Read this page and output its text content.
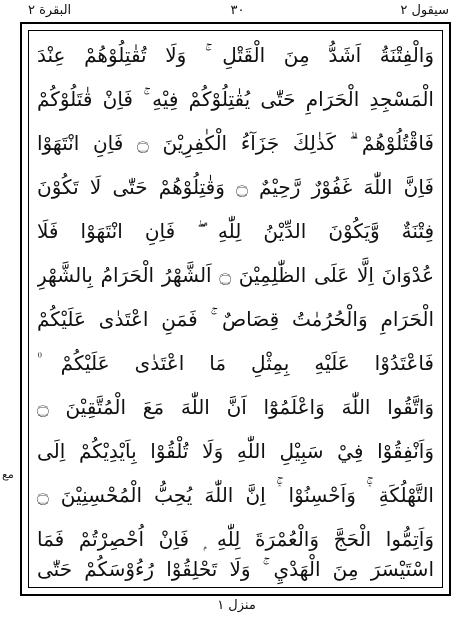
البقرة ٢	٣٠	سیقول ٢
مع
وَالْفِتْنَةُ اَشَدُّ مِنَ الْقَتْلِ ۚ وَلَا تُقٰتِلُوْهُمْ عِنْدَ
الْمَسْجِدِ الْحَرَامِ حَتّٰى يُقٰتِلُوْكُمْ فِيْهِ ۚ فَاِنْ قٰتَلُوْكُمْ
فَاقْتُلُوْهُمْ ۗ كَذٰلِكَ جَزَآءُ الْكٰفِرِيْنَ ۝ فَاِنِ انْتَهَوْا
فَاِنَّ اللّٰهَ غَفُوْرٌ رَّحِيْمٌ ۝ وَقٰتِلُوْهُمْ حَتّٰى لَا تَكُوْنَ
فِتْنَةٌ وَّيَكُوْنَ الدِّيْنُ لِلّٰهِ ۖ فَاِنِ انْتَهَوْا فَلَا
عُدْوَانَ اِلَّا عَلَى الظّٰلِمِيْنَ ۝ اَلشَّهْرُ الْحَرَامُ بِالشَّهْرِ
الْحَرَامِ وَالْحُرُمٰتُ قِصَاصٌ ۚ فَمَنِ اعْتَدٰى عَلَيْكُمْ
فَاعْتَدُوْا عَلَيْهِ بِمِثْلِ مَا اعْتَدٰى عَلَيْكُمْ ۠
وَاتَّقُوا اللّٰهَ وَاعْلَمُوْٓا اَنَّ اللّٰهَ مَعَ الْمُتَّقِيْنَ ۝
وَاَنْفِقُوْا فِيْ سَبِيْلِ اللّٰهِ وَلَا تُلْقُوْا بِاَيْدِيْكُمْ اِلَى
التَّهْلُكَةِ ۛۚ وَاَحْسِنُوْا ۛۚ اِنَّ اللّٰهَ يُحِبُّ الْمُحْسِنِيْنَ ۝
وَاَتِمُّوا الْحَجَّ وَالْعُمْرَةَ لِلّٰهِ ۭ فَاِنْ اُحْصِرْتُمْ فَمَا
اسْتَيْسَرَ مِنَ الْهَدْيِ ۚ وَلَا تَحْلِقُوْا رُءُوْسَكُمْ حَتّٰى
منزل ١
